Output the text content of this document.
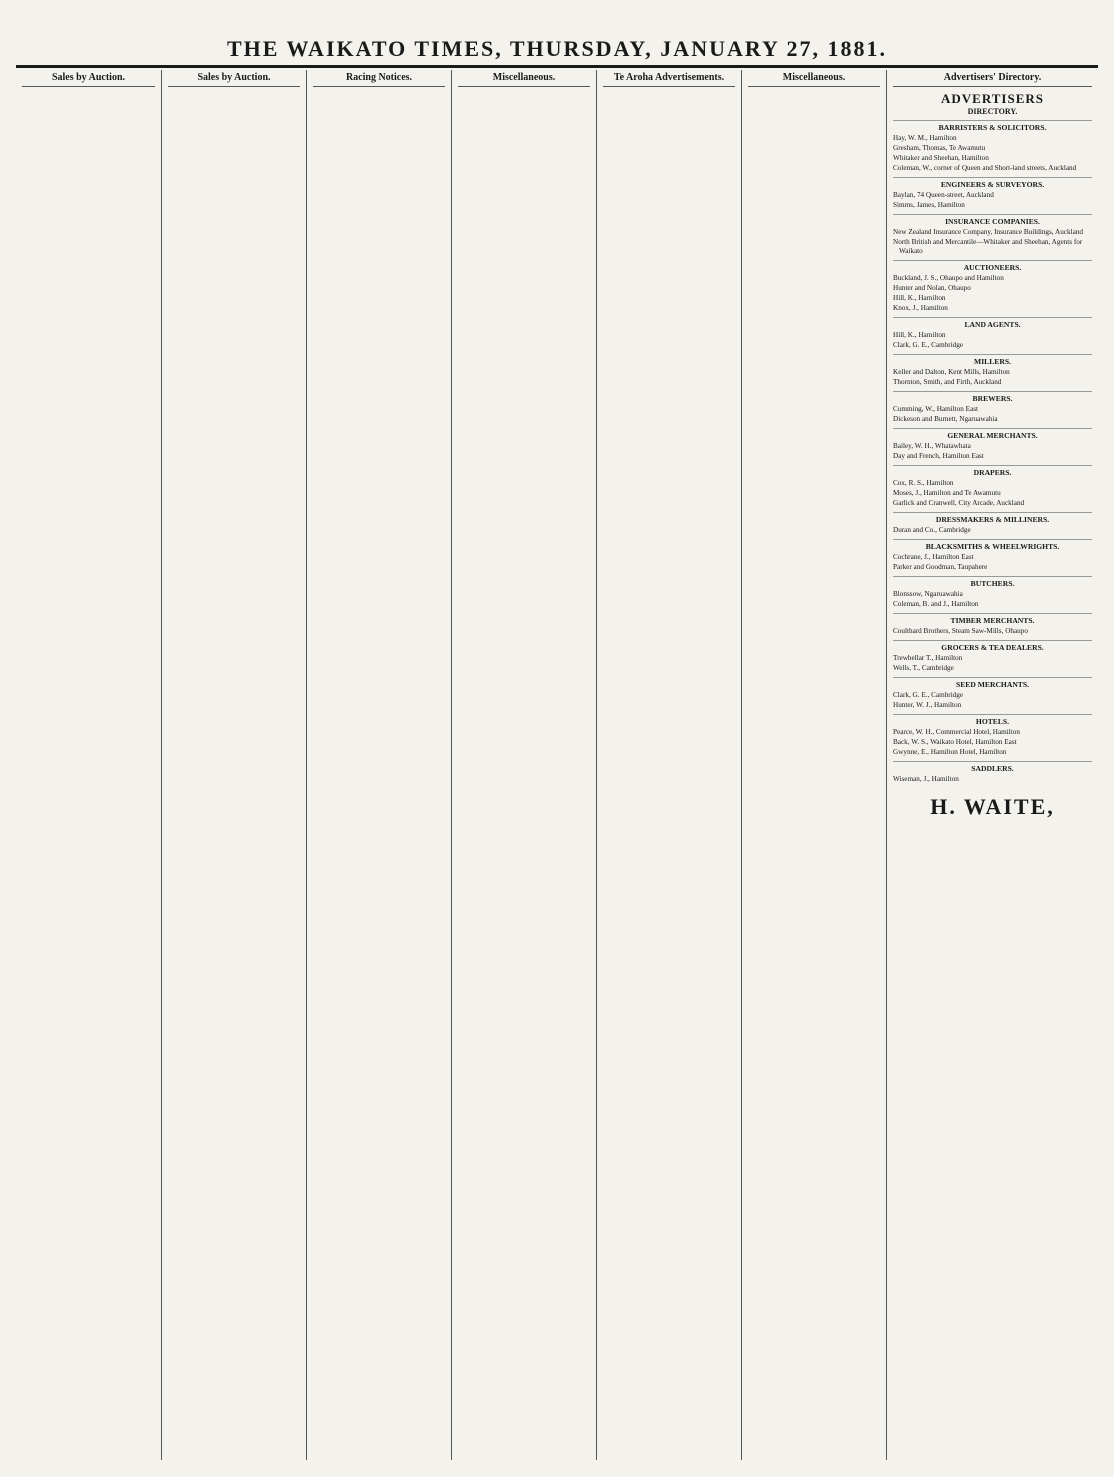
THE WAIKATO TIMES, THURSDAY, JANUARY 27, 1881.
Sales by Auction.	Sales by Auction.	Racing Notices.	Miscellaneous.	Te Aroha Advertisements.	Miscellaneous.	Advertisers' Directory.
ADVERTISERS
DIRECTORY.
BARRISTERS & SOLICITORS.
Hay, W. M., Hamilton
Gresham, Thomas, Te Awamutu
Whitaker and Sheehan, Hamilton
Coleman, W., corner of Queen and Short-land streets, Auckland
ENGINEERS & SURVEYORS.
Baylan, 74 Queen-street, Auckland
Simms, James, Hamilton
INSURANCE COMPANIES.
New Zealand Insurance Company, Insurance Buildings, Auckland
North British and Mercantile—Whitaker and Sheehan, Agents for Waikato
AUCTIONEERS.
Buckland, J. S., Ohaupo and Hamilton
Hunter and Nolan, Ohaupo
Hill, K., Hamilton
Knox, J., Hamilton
LAND AGENTS.
Hill, K., Hamilton
Clark, G. E., Cambridge
MILLERS.
Keller and Dalton, Kent Mills, Hamilton
Thornton, Smith, and Firth, Auckland
BREWERS.
Cumming, W., Hamilton East
Dickeson and Burnett, Ngaruawahia
GENERAL MERCHANTS.
Bailey, W. H., Whatawhata
Day and French, Hamilton East
DRAPERS.
Cox, R. S., Hamilton
Moses, J., Hamilton and Te Awamutu
Garlick and Cranwell, City Arcade, Auckland
DRESSMAKERS & MILLINERS.
Duran and Co., Cambridge
BLACKSMITHS & WHEELWRIGHTS.
Cochrane, J., Hamilton East
Parker and Goodman, Taupahere
BUTCHERS.
Blonssow, Ngaruawahia
Coleman, B. and J., Hamilton
TIMBER MERCHANTS.
Coulthard Brothers, Steam Saw-Mills, Ohaupo
GROCERS & TEA DEALERS.
Trewhellar T., Hamilton
Wells, T., Cambridge
SEED MERCHANTS.
Clark, G. E., Cambridge
Hunter, W. J., Hamilton
HOTELS.
Pearce, W. H., Commercial Hotel, Hamilton
Back, W. S., Waikato Hotel, Hamilton East
Gwynne, E., Hamilton Hotel, Hamilton
SADDLERS.
Wiseman, J., Hamilton
H. WAITE,
